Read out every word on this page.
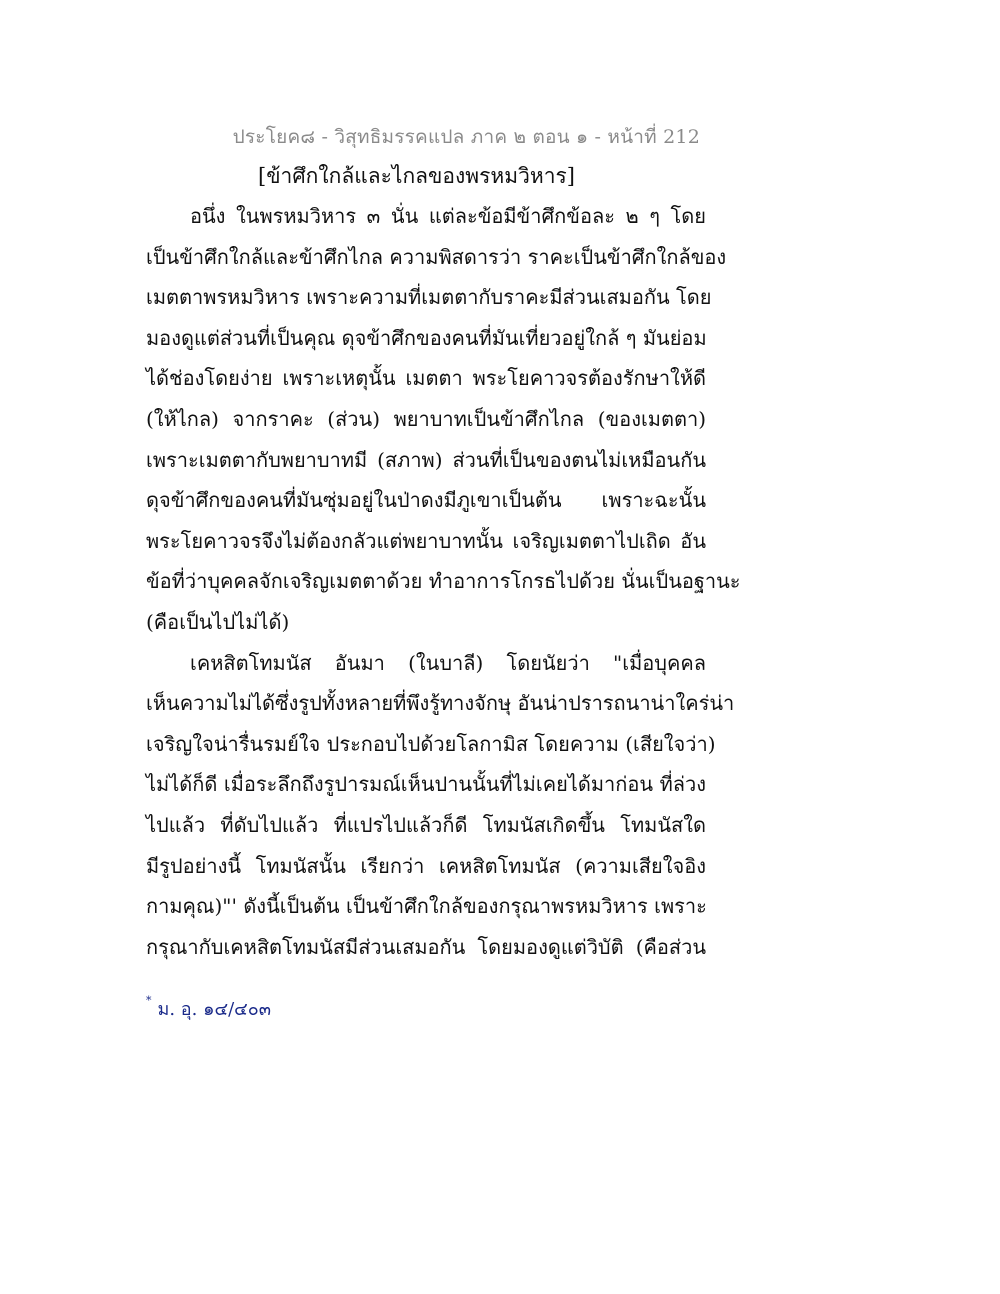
ประโยค๘ - วิสุทธิมรรคแปล ภาค ๒ ตอน ๑ - หน้าที่ 212
[ข้าศึกใกล้และไกลของพรหมวิหาร]
อนึ่ง ในพรหมวิหาร ๓ นั่น แต่ละข้อมีข้าศึกข้อละ ๒ ๆ โดย
เป็นข้าศึกใกล้และข้าศึกไกล ความพิสดารว่า ราคะเป็นข้าศึกใกล้ของ
เมตตาพรหมวิหาร เพราะความที่เมตตากับราคะมีส่วนเสมอกัน โดย
มองดูแต่ส่วนที่เป็นคุณ ดุจข้าศึกของคนที่มันเที่ยวอยู่ใกล้ ๆ มันย่อม
ได้ช่องโดยง่าย เพราะเหตุนั้น เมตตา พระโยคาวจรต้องรักษาให้ดี
(ให้ไกล) จากราคะ (ส่วน) พยาบาทเป็นข้าศึกไกล (ของเมตตา)
เพราะเมตตากับพยาบาทมี (สภาพ) ส่วนที่เป็นของตนไม่เหมือนกัน
ดุจข้าศึกของคนที่มันซุ่มอยู่ในป่าดงมีภูเขาเป็นต้น เพราะฉะนั้น
พระโยคาวจรจึงไม่ต้องกลัวแต่พยาบาทนั้น เจริญเมตตาไปเถิด อัน
ข้อที่ว่าบุคคลจักเจริญเมตตาด้วย ทำอาการโกรธไปด้วย นั่นเป็นอฐานะ
(คือเป็นไปไม่ได้)
เคหสิตโทมนัส อันมา (ในบาลี) โดยนัยว่า "เมื่อบุคคล
เห็นความไม่ได้ซึ่งรูปทั้งหลายที่พึงรู้ทางจักษุ อันน่าปรารถนาน่าใคร่น่า
เจริญใจน่ารื่นรมย์ใจ ประกอบไปด้วยโลกามิส โดยความ (เสียใจว่า)
ไม่ได้ก็ดี เมื่อระลึกถึงรูปารมณ์เห็นปานนั้นที่ไม่เคยได้มาก่อน ที่ล่วง
ไปแล้ว ที่ดับไปแล้ว ที่แปรไปแล้วก็ดี โทมนัสเกิดขึ้น โทมนัสใด
มีรูปอย่างนี้ โทมนัสนั้น เรียกว่า เคหสิตโทมนัส (ความเสียใจอิง
กามคุณ)"' ดังนี้เป็นต้น เป็นข้าศึกใกล้ของกรุณาพรหมวิหาร เพราะ
กรุณากับเคหสิตโทมนัสมีส่วนเสมอกัน โดยมองดูแต่วิบัติ (คือส่วน
* ม. อุ. ๑๔/๔๐๓
